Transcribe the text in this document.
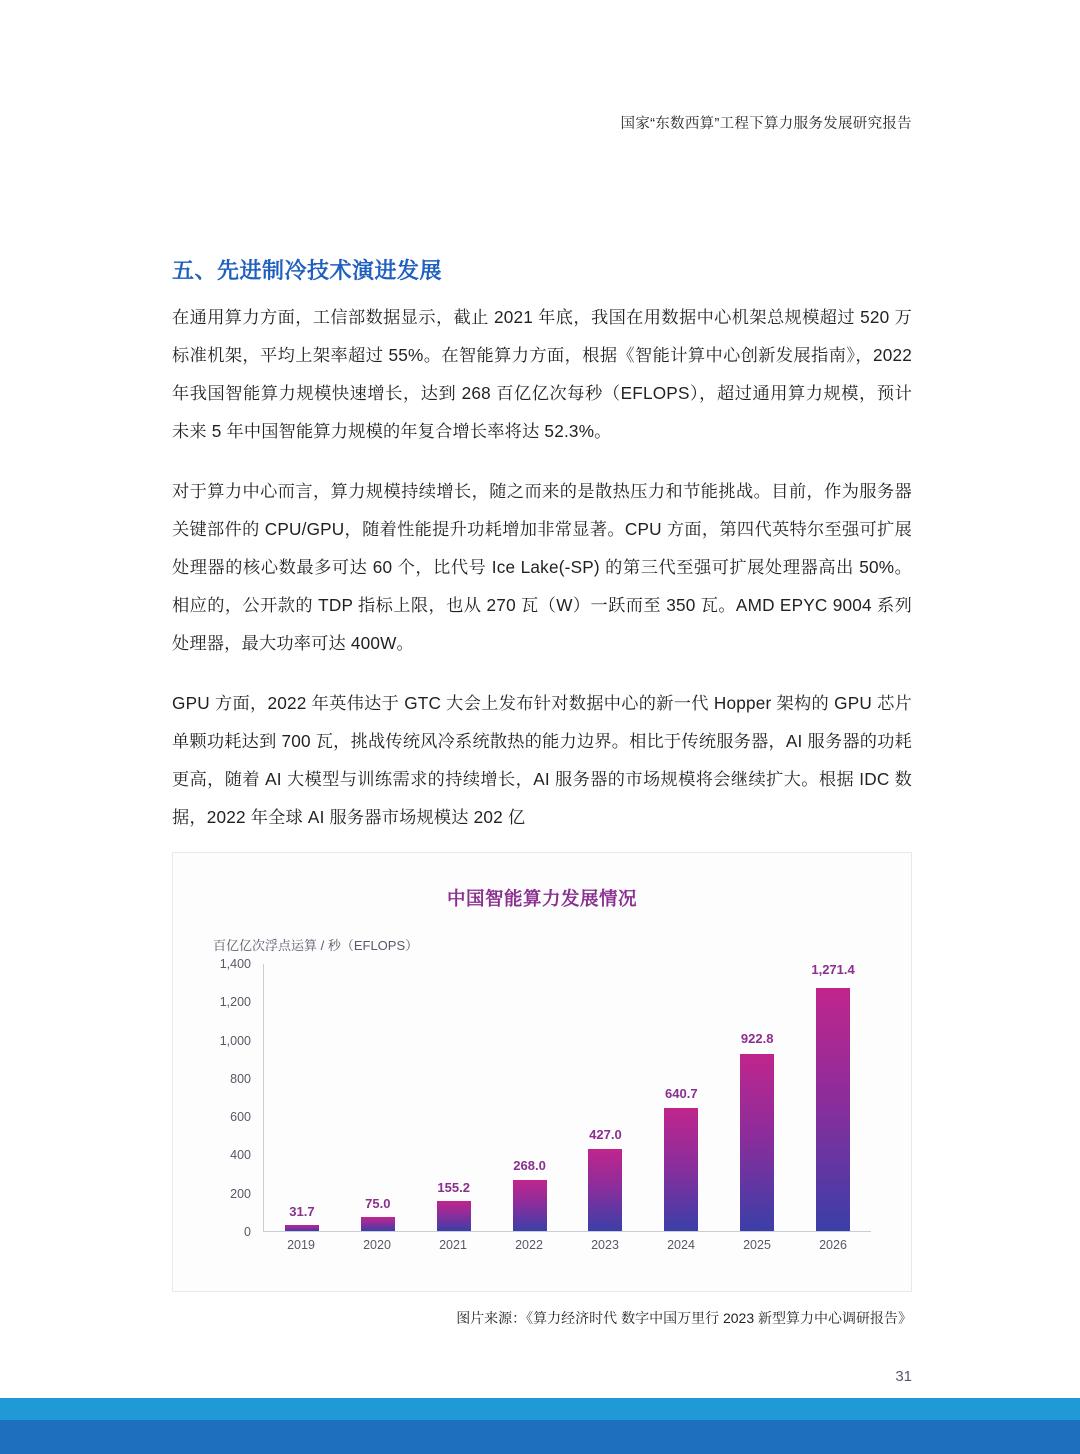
国家“东数西算”工程下算力服务发展研究报告
五、先进制冷技术演进发展

在通用算力方面，工信部数据显示，截止 2021 年底，我国在用数据中心机架总规模超过 520 万标准机架，平均上架率超过 55%。在智能算力方面，根据《智能计算中心创新发展指南》，2022 年我国智能算力规模快速增长，达到 268 百亿亿次每秒（EFLOPS），超过通用算力规模，预计未来 5 年中国智能算力规模的年复合增长率将达 52.3%。

对于算力中心而言，算力规模持续增长，随之而来的是散热压力和节能挑战。目前，作为服务器关键部件的 CPU/GPU，随着性能提升功耗增加非常显著。CPU 方面，第四代英特尔至强可扩展处理器的核心数最多可达 60 个，比代号 Ice Lake(-SP) 的第三代至强可扩展处理器高出 50%。相应的，公开款的 TDP 指标上限，也从 270 瓦（W）一跃而至 350 瓦。AMD EPYC 9004 系列处理器，最大功率可达 400W。

GPU 方面，2022 年英伟达于 GTC 大会上发布针对数据中心的新一代 Hopper 架构的 GPU 芯片单颗功耗达到 700 瓦，挑战传统风冷系统散热的能力边界。相比于传统服务器，AI 服务器的功耗更高，随着 AI 大模型与训练需求的持续增长，AI 服务器的市场规模将会继续扩大。根据 IDC 数据，2022 年全球 AI 服务器市场规模达 202 亿

中国智能算力发展情况
百亿亿次浮点运算 / 秒（EFLOPS）
0
200
400
600
800
1,000
1,200
1,400
31.7
75.0
155.2
268.0
427.0
640.7
922.8
1,271.4
2019	2020	2021	2022	2023	2024	2025	2026
图片来源：《算力经济时代 数字中国万里行 2023 新型算力中心调研报告》
31
